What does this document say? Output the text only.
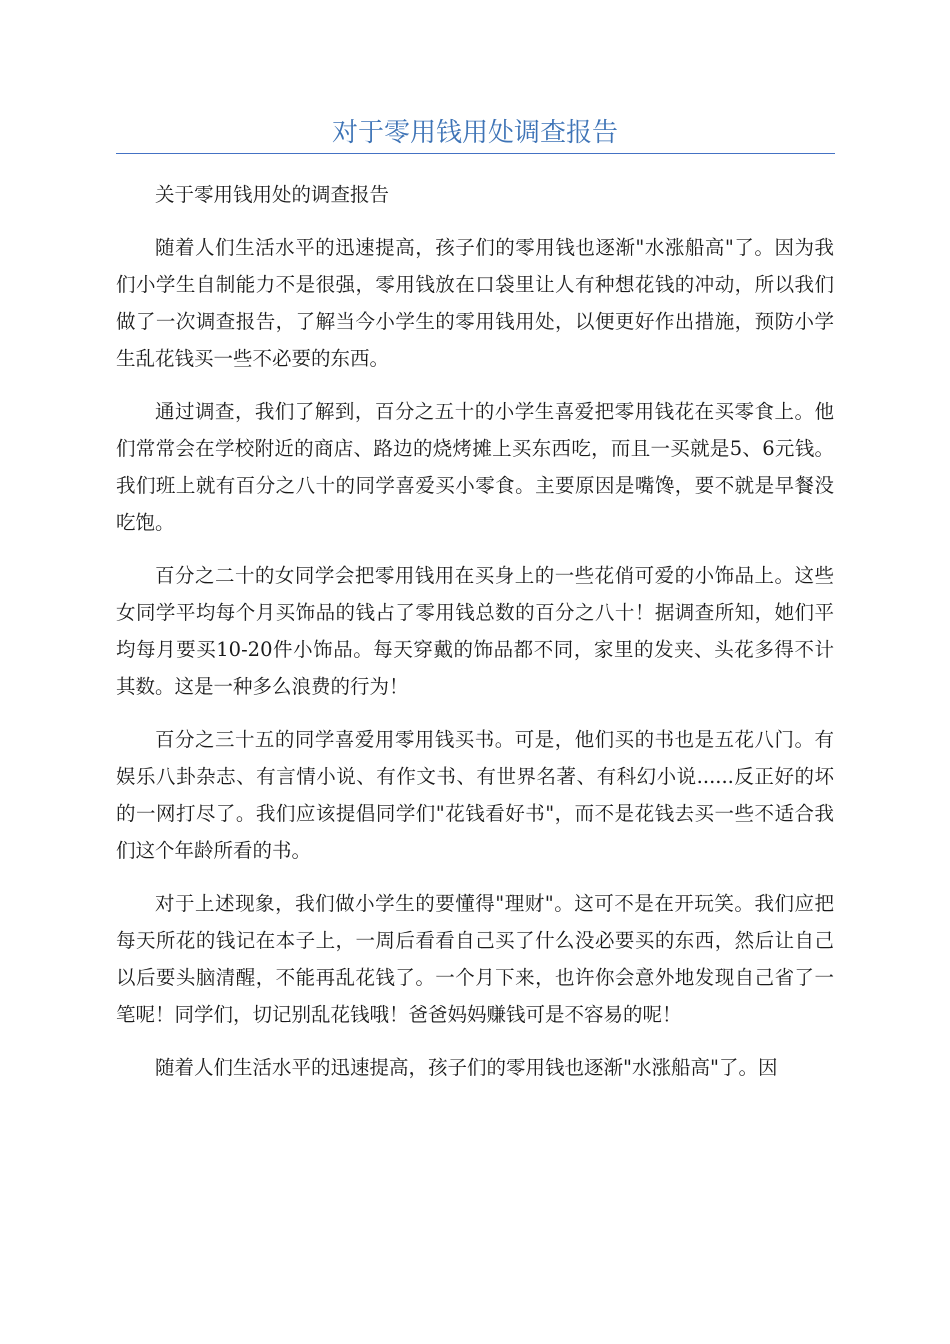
对于零用钱用处调查报告

关于零用钱用处的调查报告

随着人们生活水平的迅速提高，孩子们的零用钱也逐渐"水涨船高"了。因为我们小学生自制能力不是很强，零用钱放在口袋里让人有种想花钱的冲动，所以我们做了一次调查报告，了解当今小学生的零用钱用处，以便更好作出措施，预防小学生乱花钱买一些不必要的东西。

通过调查，我们了解到，百分之五十的小学生喜爱把零用钱花在买零食上。他们常常会在学校附近的商店、路边的烧烤摊上买东西吃，而且一买就是5、6元钱。我们班上就有百分之八十的同学喜爱买小零食。主要原因是嘴馋，要不就是早餐没吃饱。

百分之二十的女同学会把零用钱用在买身上的一些花俏可爱的小饰品上。这些女同学平均每个月买饰品的钱占了零用钱总数的百分之八十！据调查所知，她们平均每月要买10-20件小饰品。每天穿戴的饰品都不同，家里的发夹、头花多得不计其数。这是一种多么浪费的行为！

百分之三十五的同学喜爱用零用钱买书。可是，他们买的书也是五花八门。有娱乐八卦杂志、有言情小说、有作文书、有世界名著、有科幻小说......反正好的坏的一网打尽了。我们应该提倡同学们"花钱看好书"，而不是花钱去买一些不适合我们这个年龄所看的书。

对于上述现象，我们做小学生的要懂得"理财"。这可不是在开玩笑。我们应把每天所花的钱记在本子上，一周后看看自己买了什么没必要买的东西，然后让自己以后要头脑清醒，不能再乱花钱了。一个月下来，也许你会意外地发现自己省了一笔呢！同学们，切记别乱花钱哦！爸爸妈妈赚钱可是不容易的呢！

随着人们生活水平的迅速提高，孩子们的零用钱也逐渐"水涨船高"了。因
